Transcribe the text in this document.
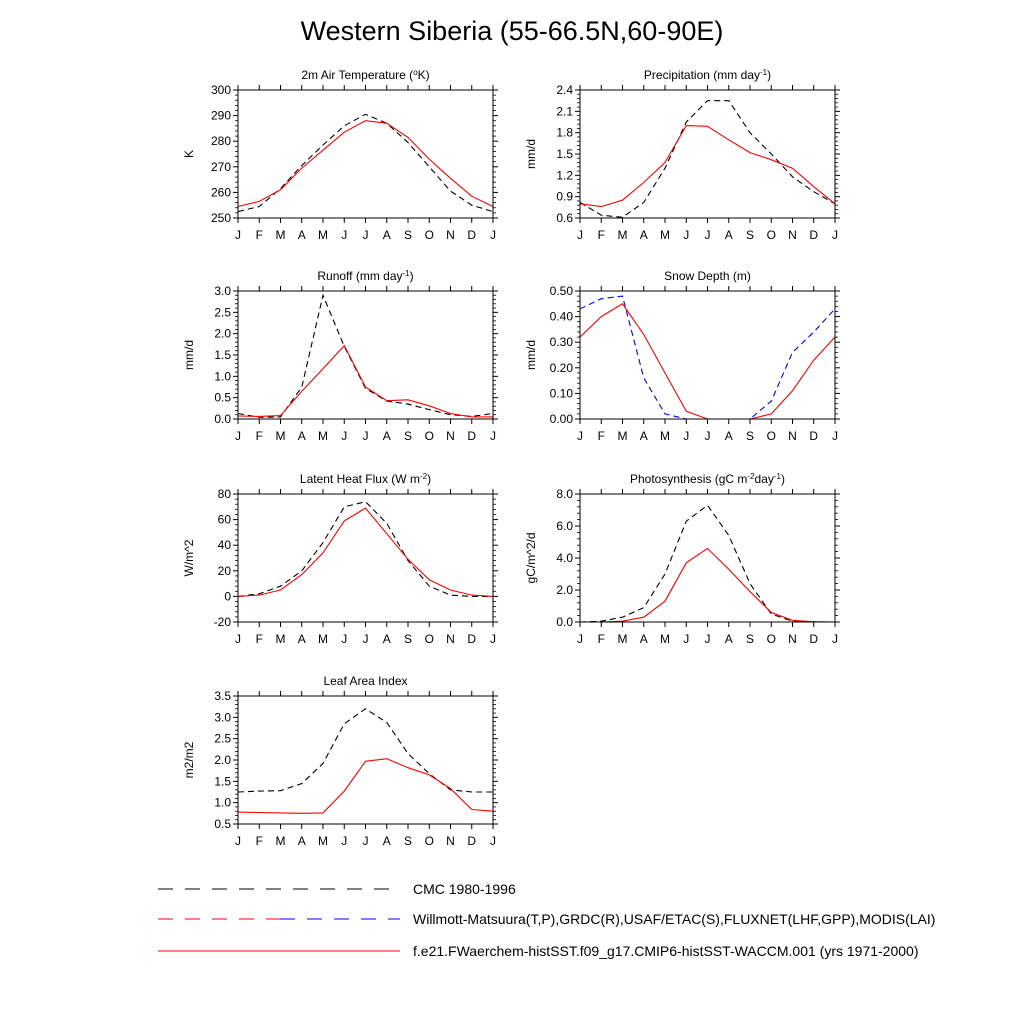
Western Siberia (55-66.5N,60-90E)
2m Air Temperature ($^o$K)
K
250
260
270
280
290
300
J F M A M J J A S O N D J
Precipitation (mm day$^{-1}$)
mm/d
0.6
0.9
1.2
1.5
1.8
2.1
2.4
J F M A M J J A S O N D J
Runoff (mm day$^{-1}$)
mm/d
0.0
0.5
1.0
1.5
2.0
2.5
3.0
J F M A M J J A S O N D J
Snow Depth (m)
mm/d
0.00
0.10
0.20
0.30
0.40
0.50
J F M A M J J A S O N D J
Latent Heat Flux (W $m^{-2}$)
W/m^2
-20
0
20
40
60
80
J F M A M J J A S O N D J
Photosynthesis (gC $m^{-2}day^{-1}$)
gC/m^2/d
0.0
2.0
4.0
6.0
8.0
J F M A M J J A S O N D J
Leaf Area Index
m2/m2
0.5
1.0
1.5
2.0
2.5
3.0
3.5
J F M A M J J A S O N D J
CMC 1980-1996
Willmott-Matsuura(T,P),GRDC(R),USAF/ETAC(S),FLUXNET(LHF,GPP),MODIS(LAI)
f.e21.FWaerchem-histSST.f09_g17.CMIP6-histSST-WACCM.001 (yrs 1971-2000)
